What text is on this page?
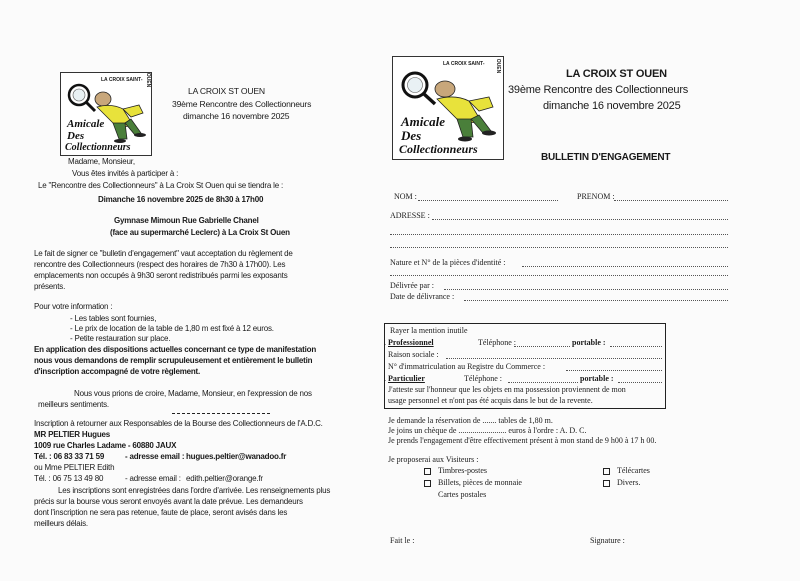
LA CROIX SAINT- OUEN
Amicale
Des
Collectionneurs
LA CROIX ST OUEN
39ème Rencontre des Collectionneurs
dimanche 16 novembre 2025
Madame, Monsieur,
Vous êtes invités à participer à :
Le "Rencontre des Collectionneurs" à La Croix St Ouen qui se tiendra le :
Dimanche 16 novembre 2025 de 8h30 à 17h00
Gymnase Mimoun Rue Gabrielle Chanel
(face au supermarché Leclerc) à La Croix St Ouen
Le fait de signer ce "bulletin d'engagement" vaut acceptation du règlement de
rencontre des Collectionneurs (respect des horaires de 7h30 à 17h00). Les
emplacements non occupés à 9h30 seront redistribués parmi les exposants
présents.
Pour votre information :
- Les tables sont fournies,
- Le prix de location de la table de 1,80 m est fixé à 12 euros.
- Petite restauration sur place.
En application des dispositions actuelles concernant ce type de manifestation
nous vous demandons de remplir scrupuleusement et entièrement le bulletin
d'inscription accompagné de votre règlement.
Nous vous prions de croire, Madame, Monsieur, en l'expression de nos
meilleurs sentiments.
Inscription à retourner aux Responsables de la Bourse des Collectionneurs de l'A.D.C.
MR PELTIER Hugues
1009 rue Charles Ladame - 60880 JAUX
Tél. : 06 83 33 71 59	- adresse email : hugues.peltier@wanadoo.fr
ou Mme PELTIER Edith
Tél. : 06 75 13 49 80	- adresse email : edith.peltier@orange.fr
Les inscriptions sont enregistrées dans l'ordre d'arrivée. Les renseignements plus
précis sur la bourse vous seront envoyés avant la date prévue. Les demandeurs
dont l'inscription ne sera pas retenue, faute de place, seront avisés dans les
meilleurs délais.
LA CROIX SAINT- OUEN
Amicale
Des
Collectionneurs
LA CROIX ST OUEN
39ème Rencontre des Collectionneurs
dimanche 16 novembre 2025
BULLETIN D'ENGAGEMENT
NOM :	PRENOM :
ADRESSE :
Nature et N° de la pièces d'identité :
Délivrée par :
Date de délivrance :
Rayer la mention inutile
. Professionnel	Téléphone :	portable :
Raison sociale :
N° d'immatriculation au Registre du Commerce :
. Particulier	Téléphone :	portable :
J'atteste sur l'honneur que les objets en ma possession proviennent de mon
usage personnel et n'ont pas été acquis dans le but de la revente.
Je demande la réservation de ....... tables de 1,80 m.
Je joins un chèque de ........................ euros à l'ordre : A. D. C.
Je prends l'engagement d'être effectivement présent à mon stand de 9 h00 à 17 h 00.
Je proposerai aux Visiteurs :
Timbres-postes
Billets, pièces de monnaie
Cartes postales
Télécartes
Divers.
Fait le :	Signature :
